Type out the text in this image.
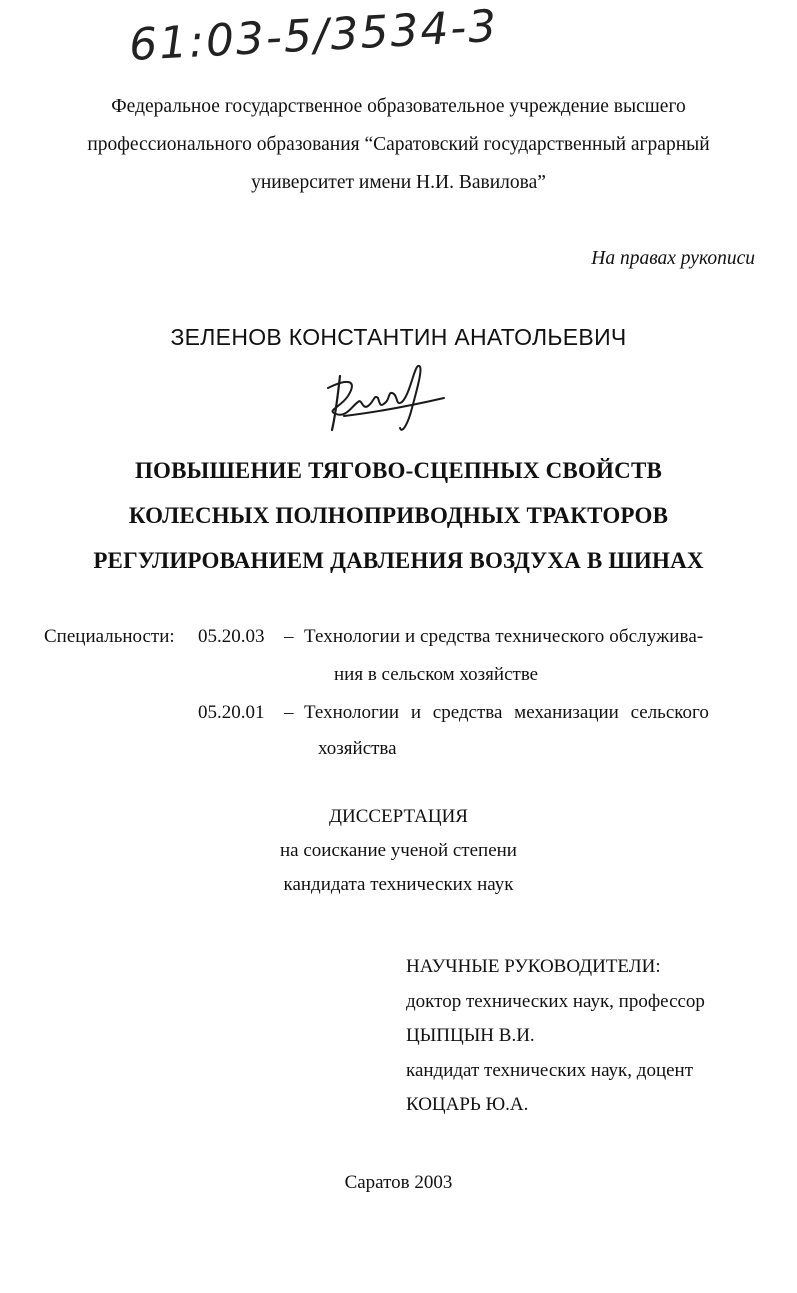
61:03-5/3534-3
Федеральное государственное образовательное учреждение высшего
профессионального образования “Саратовский государственный аграрный
университет имени Н.И. Вавилова”
На правах рукописи
ЗЕЛЕНОВ КОНСТАНТИН АНАТОЛЬЕВИЧ
ПОВЫШЕНИЕ ТЯГОВО-СЦЕПНЫХ СВОЙСТВ
КОЛЕСНЫХ ПОЛНОПРИВОДНЫХ ТРАКТОРОВ
РЕГУЛИРОВАНИЕМ ДАВЛЕНИЯ ВОЗДУХА В ШИНАХ
Специальности: 05.20.03 – Технологии и средства технического обслужива-
ния в сельском хозяйстве
05.20.01 – Технологии и средства механизации сельского
хозяйства
ДИССЕРТАЦИЯ
на соискание ученой степени
кандидата технических наук
НАУЧНЫЕ РУКОВОДИТЕЛИ:
доктор технических наук, профессор
ЦЫПЦЫН В.И.
кандидат технических наук, доцент
КОЦАРЬ Ю.А.
Саратов 2003
